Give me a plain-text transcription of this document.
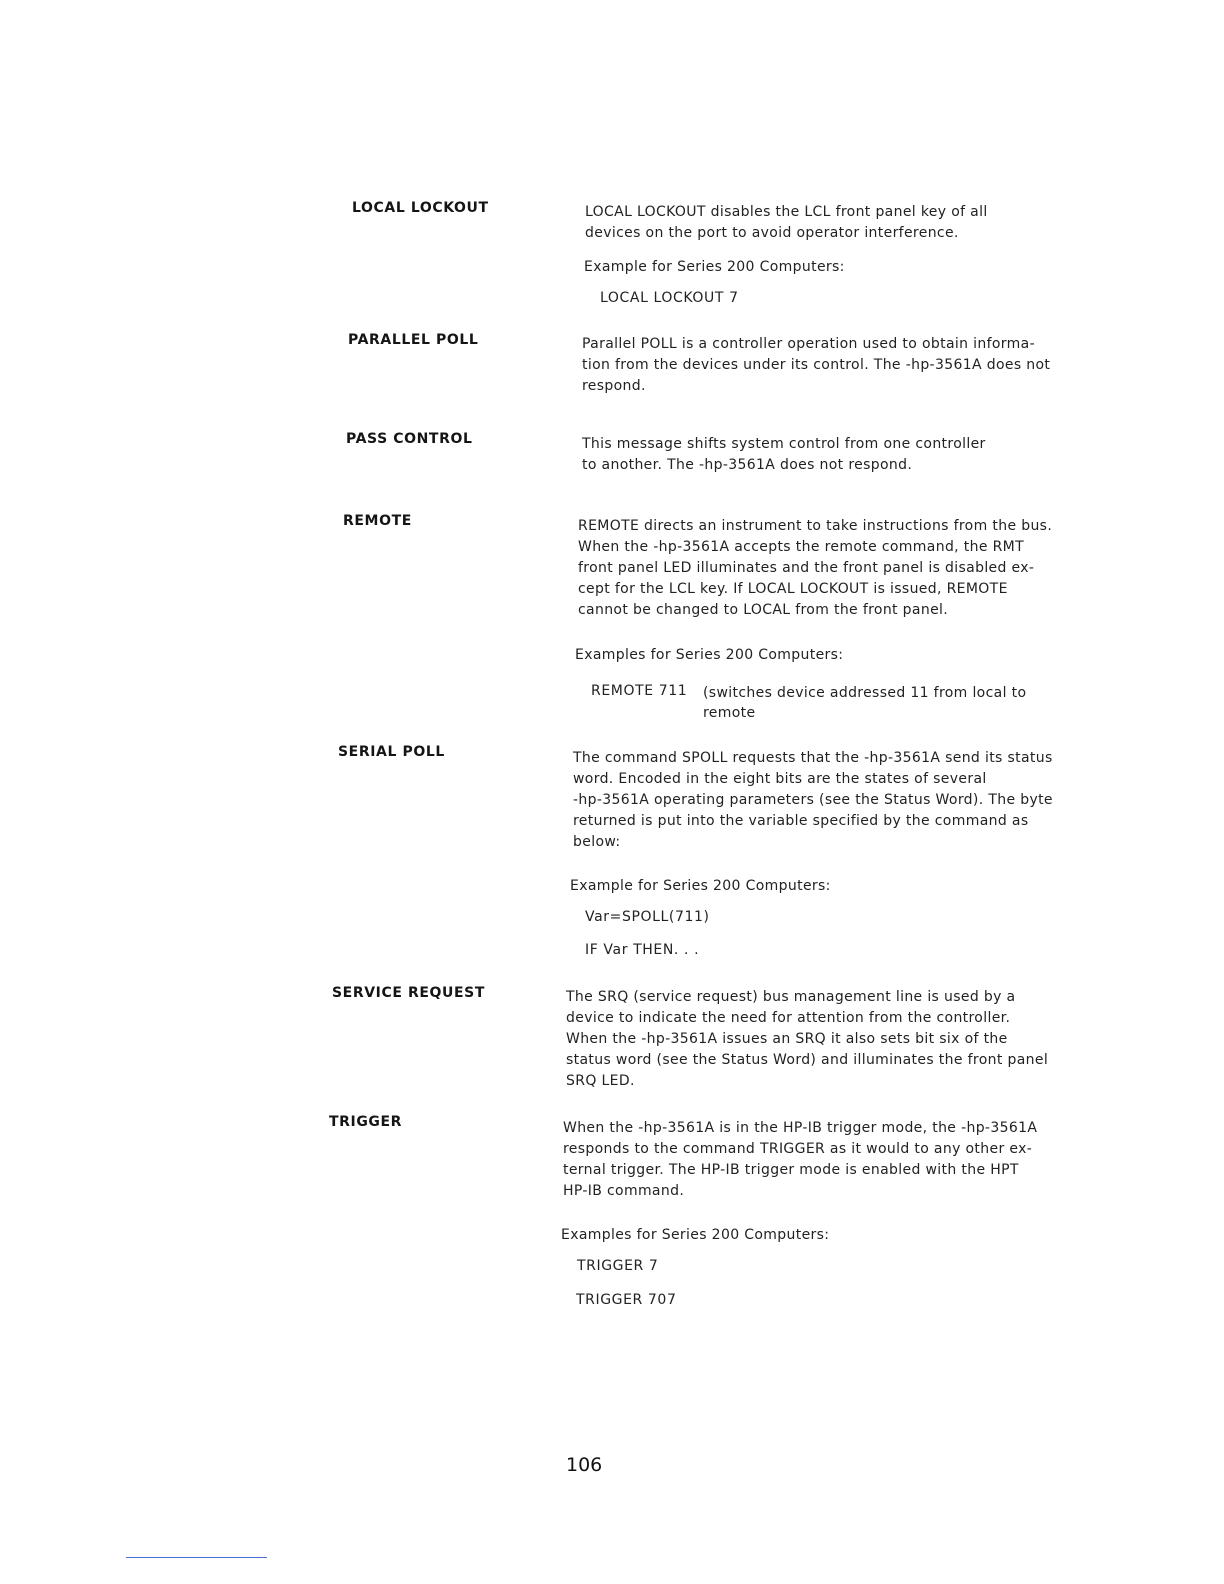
LOCAL LOCKOUT	LOCAL LOCKOUT disables the LCL front panel key of all
devices on the port to avoid operator interference.
Example for Series 200 Computers:
LOCAL LOCKOUT 7
PARALLEL POLL	Parallel POLL is a controller operation used to obtain informa-
tion from the devices under its control. The -hp-3561A does not
respond.
PASS CONTROL	This message shifts system control from one controller
to another. The -hp-3561A does not respond.
REMOTE	REMOTE directs an instrument to take instructions from the bus.
When the -hp-3561A accepts the remote command, the RMT
front panel LED illuminates and the front panel is disabled ex-
cept for the LCL key. If LOCAL LOCKOUT is issued, REMOTE
cannot be changed to LOCAL from the front panel.
Examples for Series 200 Computers:
REMOTE 711 (switches device addressed 11 from local to
remote
SERIAL POLL	The command SPOLL requests that the -hp-3561A send its status
word. Encoded in the eight bits are the states of several
-hp-3561A operating parameters (see the Status Word). The byte
returned is put into the variable specified by the command as
below:
Example for Series 200 Computers:
Var=SPOLL(711)
IF Var THEN. . .
SERVICE REQUEST	The SRQ (service request) bus management line is used by a
device to indicate the need for attention from the controller.
When the -hp-3561A issues an SRQ it also sets bit six of the
status word (see the Status Word) and illuminates the front panel
SRQ LED.
TRIGGER	When the -hp-3561A is in the HP-IB trigger mode, the -hp-3561A
responds to the command TRIGGER as it would to any other ex-
ternal trigger. The HP-IB trigger mode is enabled with the HPT
HP-IB command.
Examples for Series 200 Computers:
TRIGGER 7
TRIGGER 707
106
